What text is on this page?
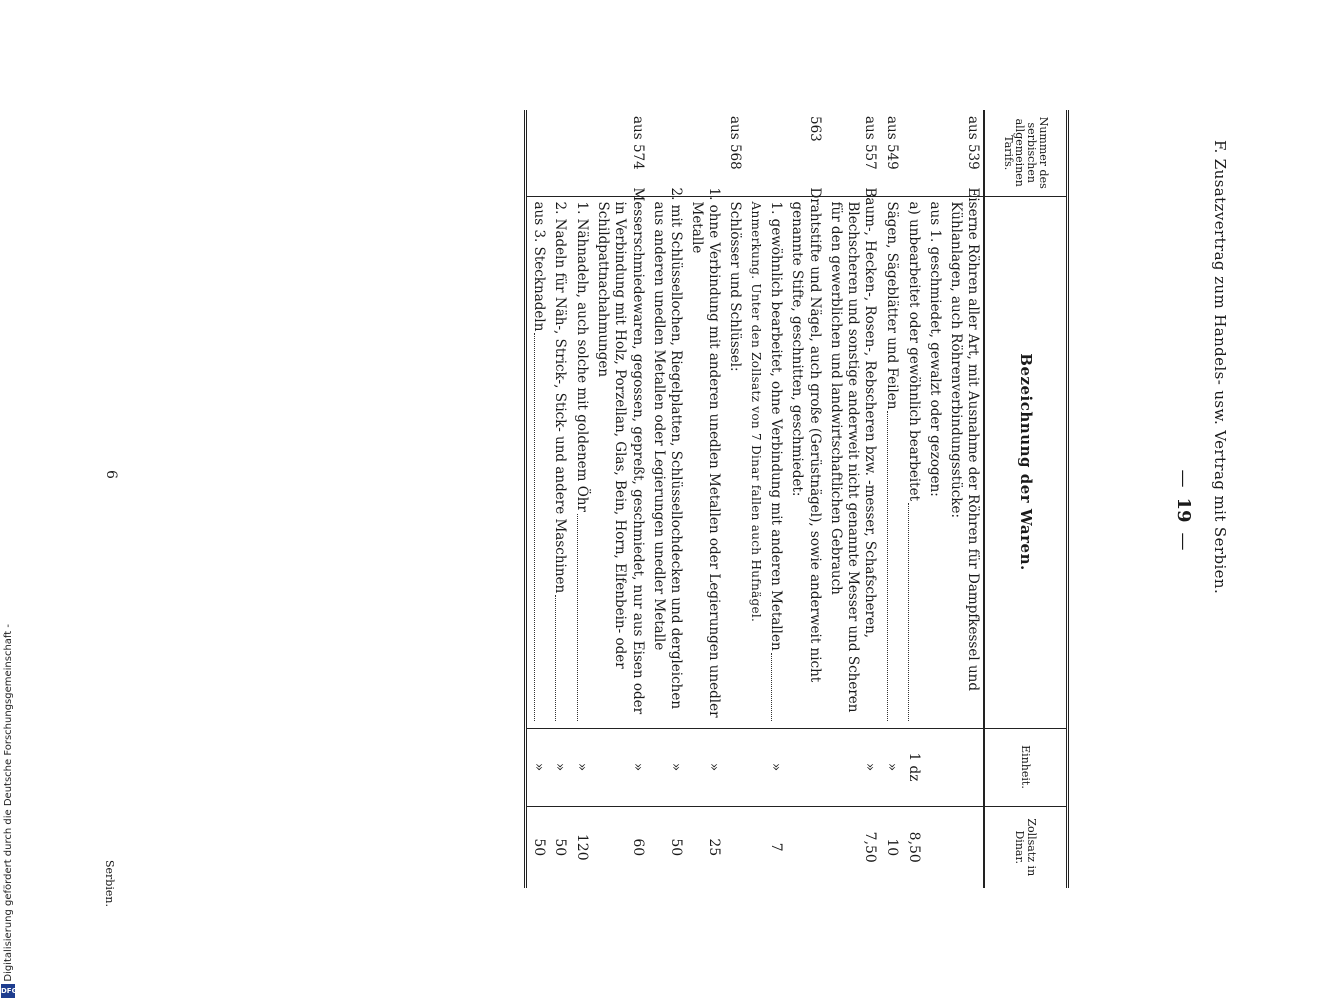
Digitalisierung gefördert durch die Deutsche Forschungsgemeinschaft -
DFG
F. Zusatzvertrag zum Handels- usw. Vertrag mit Serbien.
—19—
Nummer des serbischen allgemeinen Tarifs.	Bezeichnung der Waren.	Einheit.	Zollsatz in Dinar.
aus 539	Eiserne Röhren aller Art, mit Ausnahme der Röhren für Dampfkessel und Kühlanlagen, auch Röhrenverbindungsstücke:		
	aus 1. geschmiedet, gewalzt oder gezogen:		

	a) unbearbeitet oder gewöhnlich bearbeitet	1 dz	8,50
aus 549	Sägen, Sägeblätter und Feilen	»	10
aus 557	Baum-, Hecken-, Rosen-, Rebscheren bzw. -messer, Schafscheren, Blechscheren und sonstige anderweit nicht genannte Messer und Scheren für den gewerblichen und landwirtschaftlichen Gebrauch	»	7,50
563	Drahtstifte und Nägel, auch große (Gerüstnägel), sowie anderweit nicht genannte Stifte, geschnitten, geschmiedet:		

	1. gewöhnlich bearbeitet, ohne Verbindung mit anderen Metallen	»	7
	Anmerkung. Unter den Zollsatz von 7 Dinar fallen auch Hufnägel.		
aus 568	Schlösser und Schlüssel:		
	1. ohne Verbindung mit anderen unedlen Metallen oder Legierungen unedler Metalle	»	25
	2. mit Schlüssellochen, Riegelplatten, Schlüssellochdecken und dergleichen aus anderen unedlen Metallen oder Legierungen unedler Metalle	»	50
aus 574	Messerschmiedewaren, gegossen, gepreßt, geschmiedet, nur aus Eisen oder in Verbindung mit Holz, Porzellan, Glas, Bein, Horn, Elfenbein- oder Schildpattnachahmungen	»	60

	1. Nähnadeln, auch solche mit goldenem Öhr	»	120

	2. Nadeln für Näh-, Strick-, Stick- und andere Maschinen	»	50

	aus 3. Stecknadeln	»	50
Serbien.
6
